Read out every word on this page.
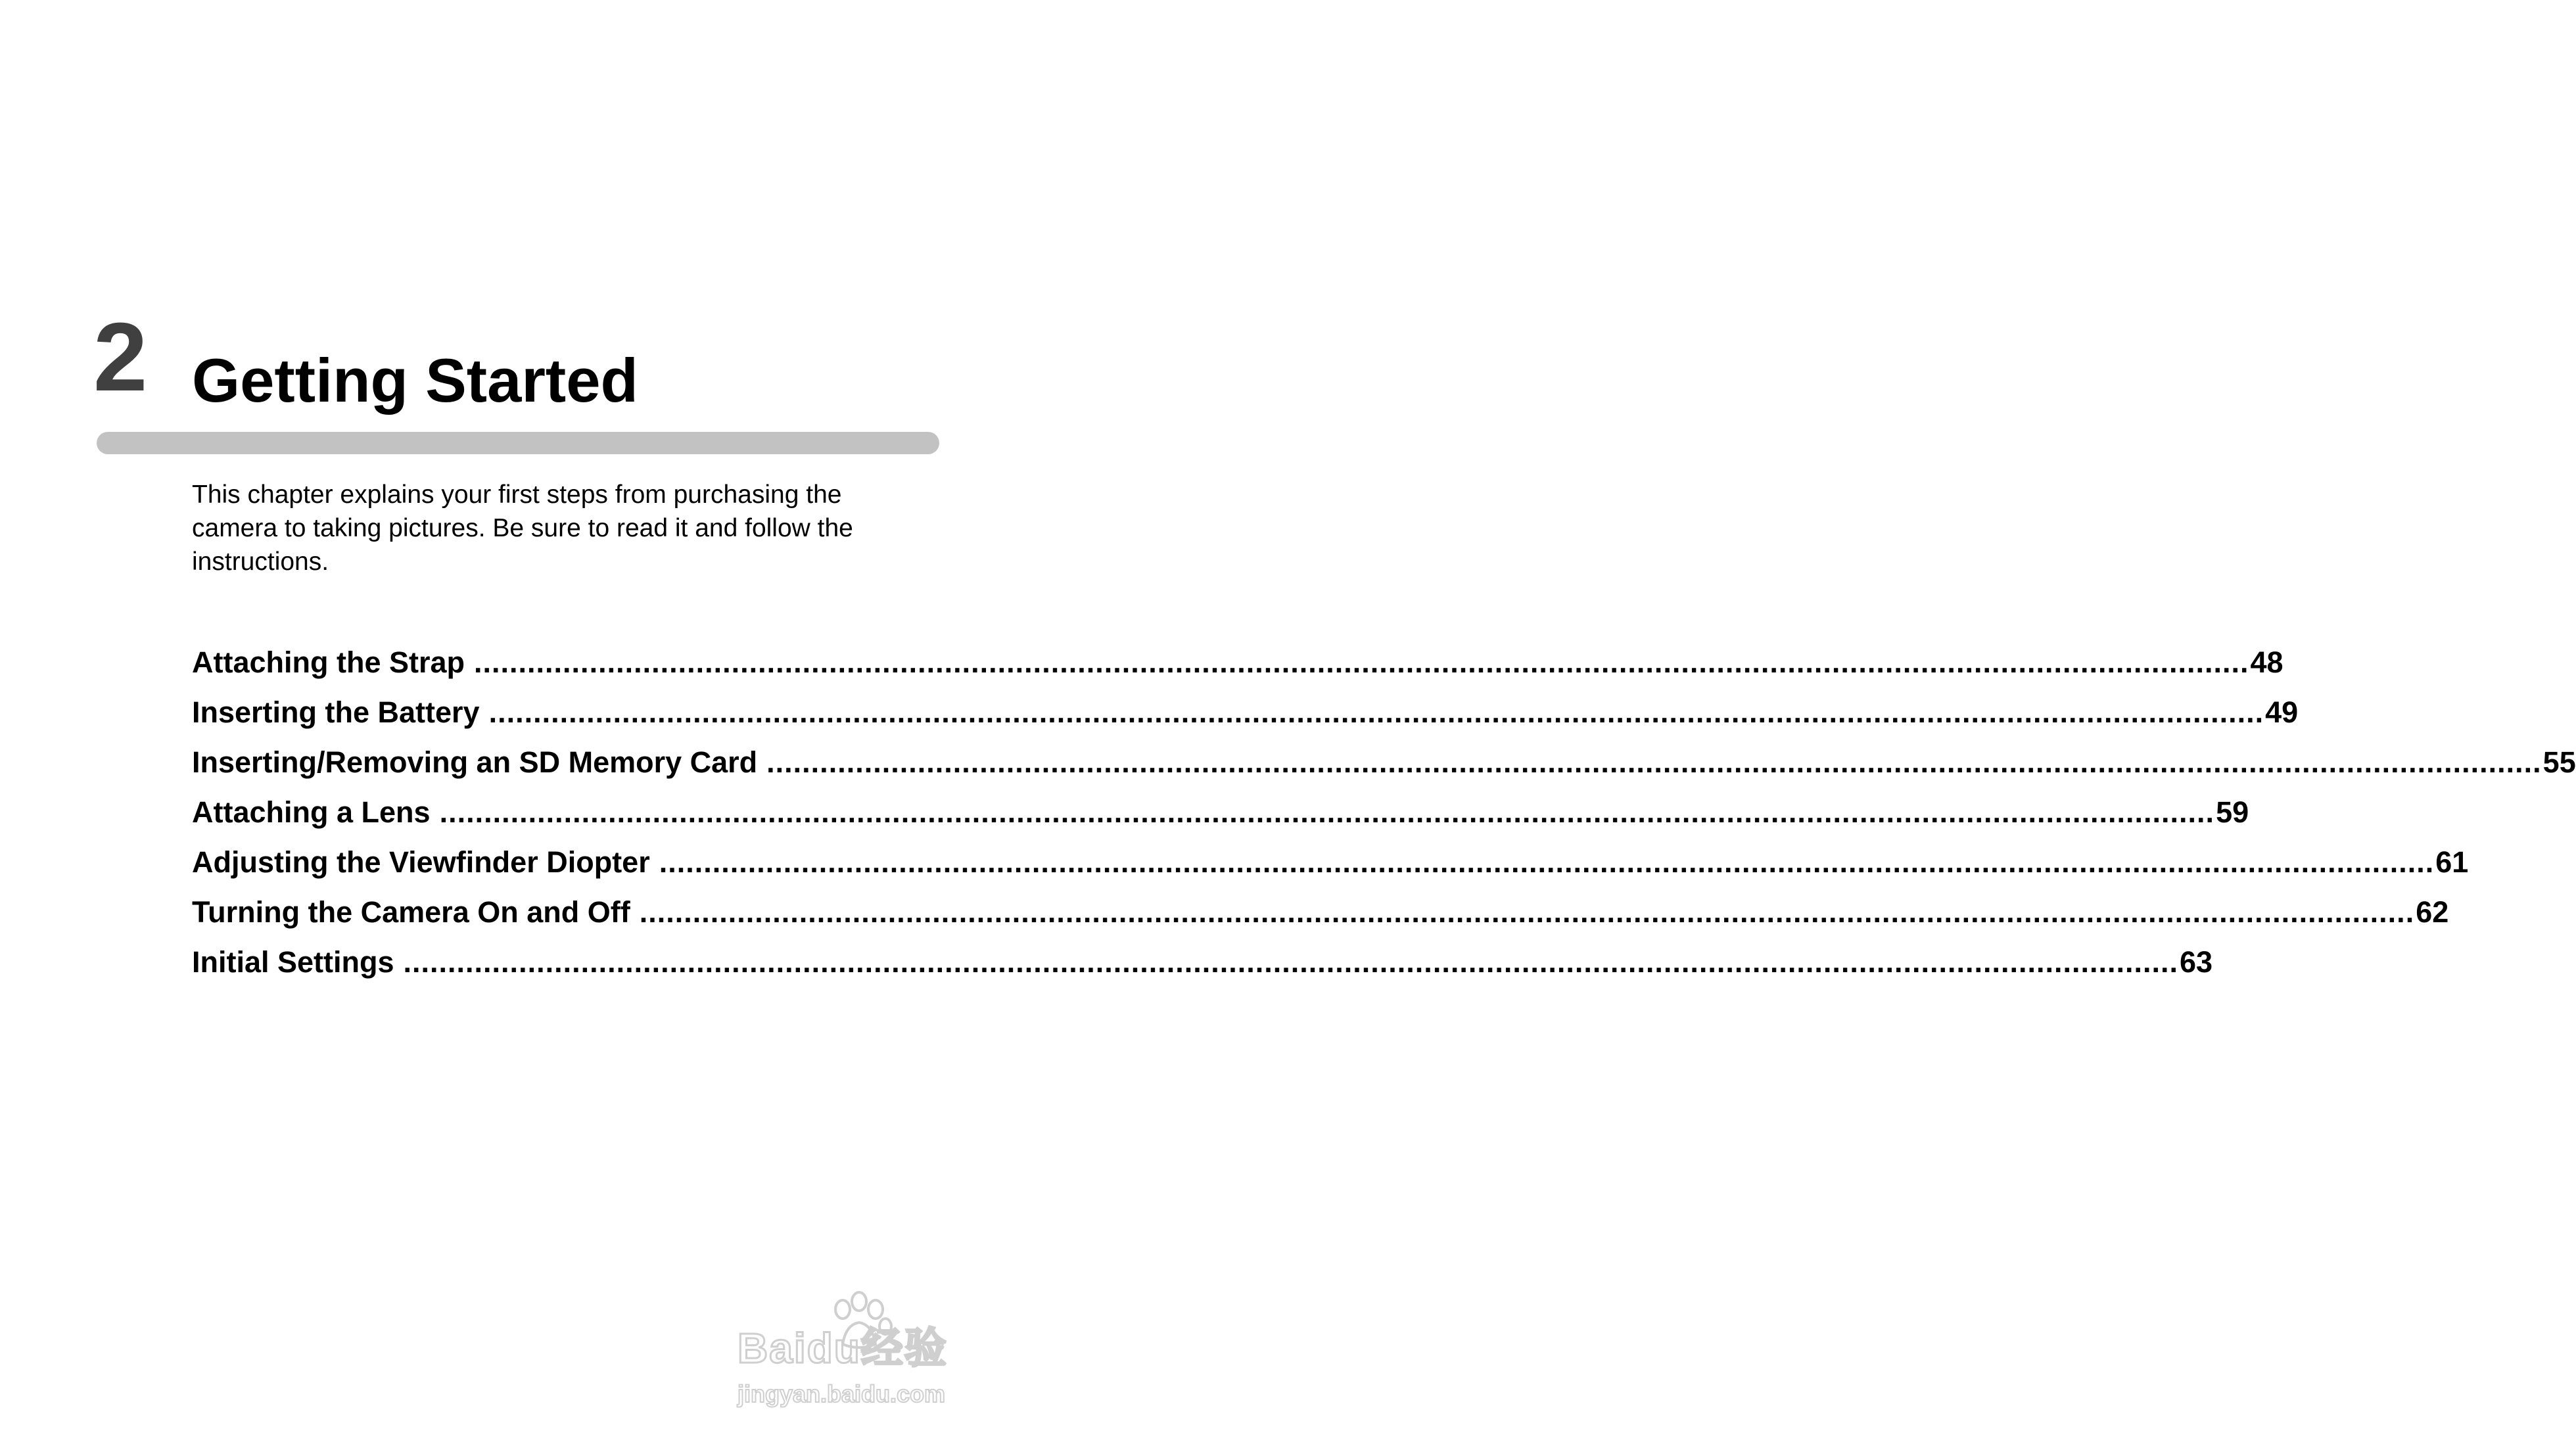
2 Getting Started

This chapter explains your first steps from purchasing the

camera to taking pictures. Be sure to read it and follow the

instructions.

Attaching the Strap ........................................................................................................................................................................................................ 48
Inserting the Battery ........................................................................................................................................................................................................ 49
Inserting/Removing an SD Memory Card ........................................................................................................................................................................................................ 55
Attaching a Lens ........................................................................................................................................................................................................ 59
Adjusting the Viewfinder Diopter ........................................................................................................................................................................................................ 61
Turning the Camera On and Off ........................................................................................................................................................................................................ 62
Initial Settings ........................................................................................................................................................................................................ 63
Baidu经验
jingyan.baidu.com
